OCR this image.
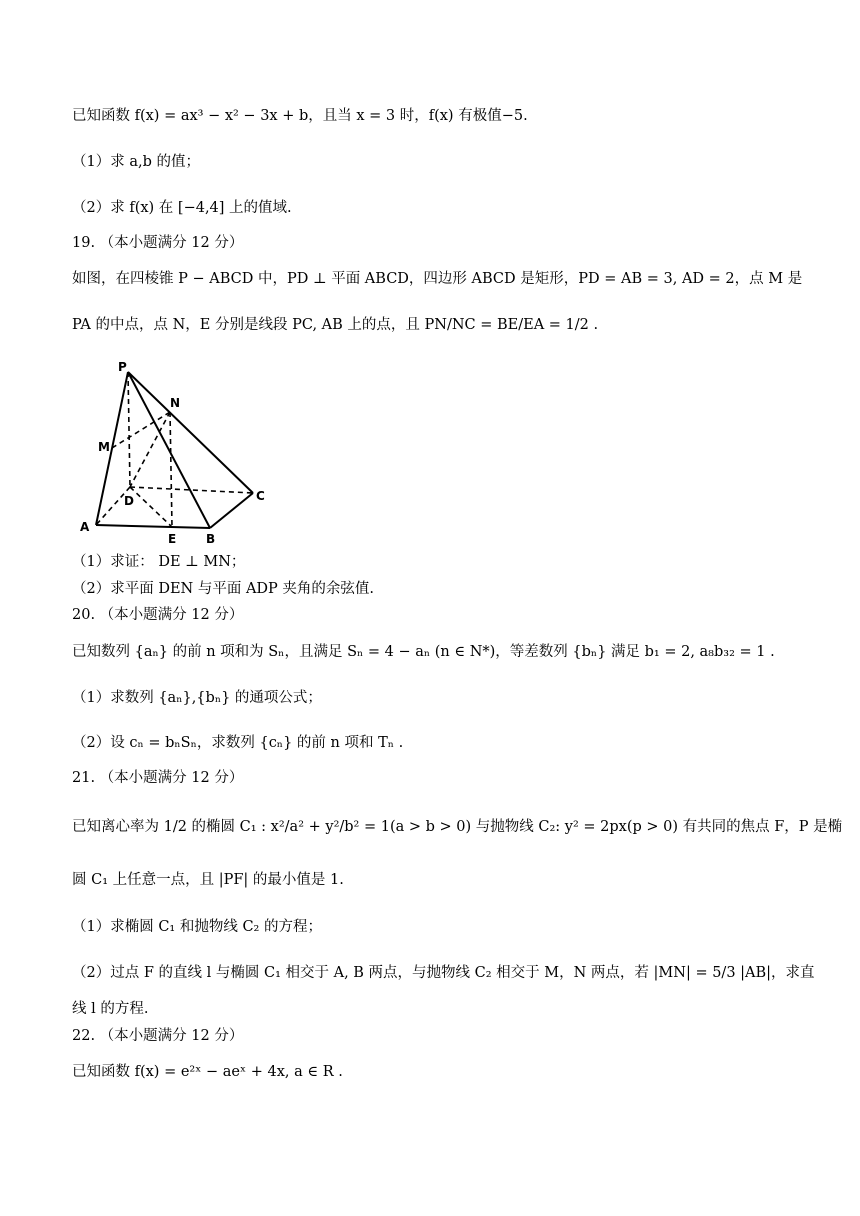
已知函数 f(x) = ax³ − x² − 3x + b，且当 x = 3 时，f(x) 有极值−5.
（1）求 a,b 的值；
（2）求 f(x) 在 [−4,4] 上的值域.
19. （本小题满分 12 分）
如图，在四棱锥 P − ABCD 中，PD ⊥ 平面 ABCD，四边形 ABCD 是矩形，PD = AB = 3, AD = 2，点 M 是
PA 的中点，点 N，E 分别是线段 PC, AB 上的点，且 PN/NC = BE/EA = 1/2 .
P
N
M
D	C
A
E B
（1）求证： DE ⊥ MN；
（2）求平面 DEN 与平面 ADP 夹角的余弦值.
20. （本小题满分 12 分）
已知数列 {aₙ} 的前 n 项和为 Sₙ，且满足 Sₙ = 4 − aₙ (n ∈ N*)，等差数列 {bₙ} 满足 b₁ = 2, a₈b₃₂ = 1 .
（1）求数列 {aₙ},{bₙ} 的通项公式；
（2）设 cₙ = bₙSₙ，求数列 {cₙ} 的前 n 项和 Tₙ .
21. （本小题满分 12 分）
已知离心率为 1/2 的椭圆 C₁ : x²/a² + y²/b² = 1(a > b > 0) 与抛物线 C₂: y² = 2px(p > 0) 有共同的焦点 F，P 是椭
圆 C₁ 上任意一点，且 |PF| 的最小值是 1.
（1）求椭圆 C₁ 和抛物线 C₂ 的方程；
（2）过点 F 的直线 l 与椭圆 C₁ 相交于 A, B 两点，与抛物线 C₂ 相交于 M，N 两点，若 |MN| = 5/3 |AB|，求直
线 l 的方程.
22. （本小题满分 12 分）
已知函数 f(x) = e²ˣ − aeˣ + 4x, a ∈ R .
